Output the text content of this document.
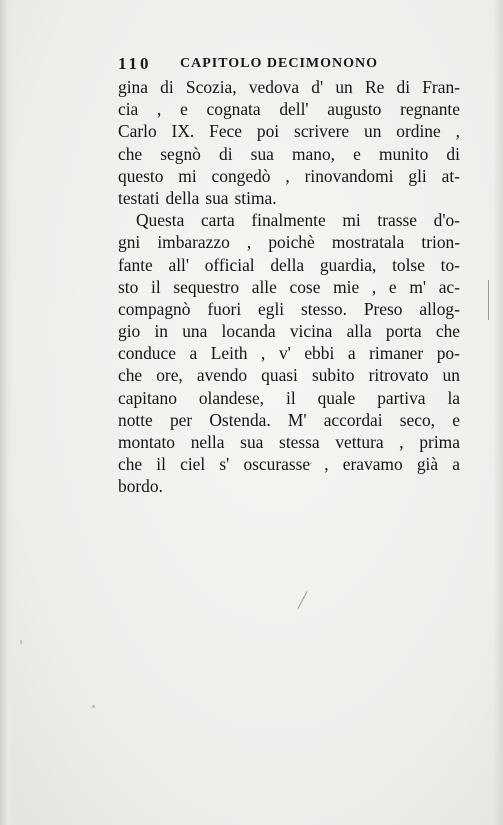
110 CAPITOLO DECIMONONO
gina di Scozia, vedova d' un Re di Fran-
cia , e cognata dell' augusto regnante
Carlo IX. Fece poi scrivere un ordine ,
che segnò di sua mano, e munito di
questo mi congedò , rinovandomi gli at-
testati della sua stima.
Questa carta finalmente mi trasse d'o-
gni imbarazzo , poichè mostratala trion-
fante all' official della guardia, tolse to-
sto il sequestro alle cose mie , e m' ac-
compagnò fuori egli stesso. Preso allog-
gio in una locanda vicina alla porta che
conduce a Leith , v' ebbi a rimaner po-
che ore, avendo quasi subito ritrovato un
capitano olandese, il quale partiva la
notte per Ostenda. M' accordai seco, e
montato nella sua stessa vettura , prima
che il ciel s' oscurasse , eravamo già a
bordo.
